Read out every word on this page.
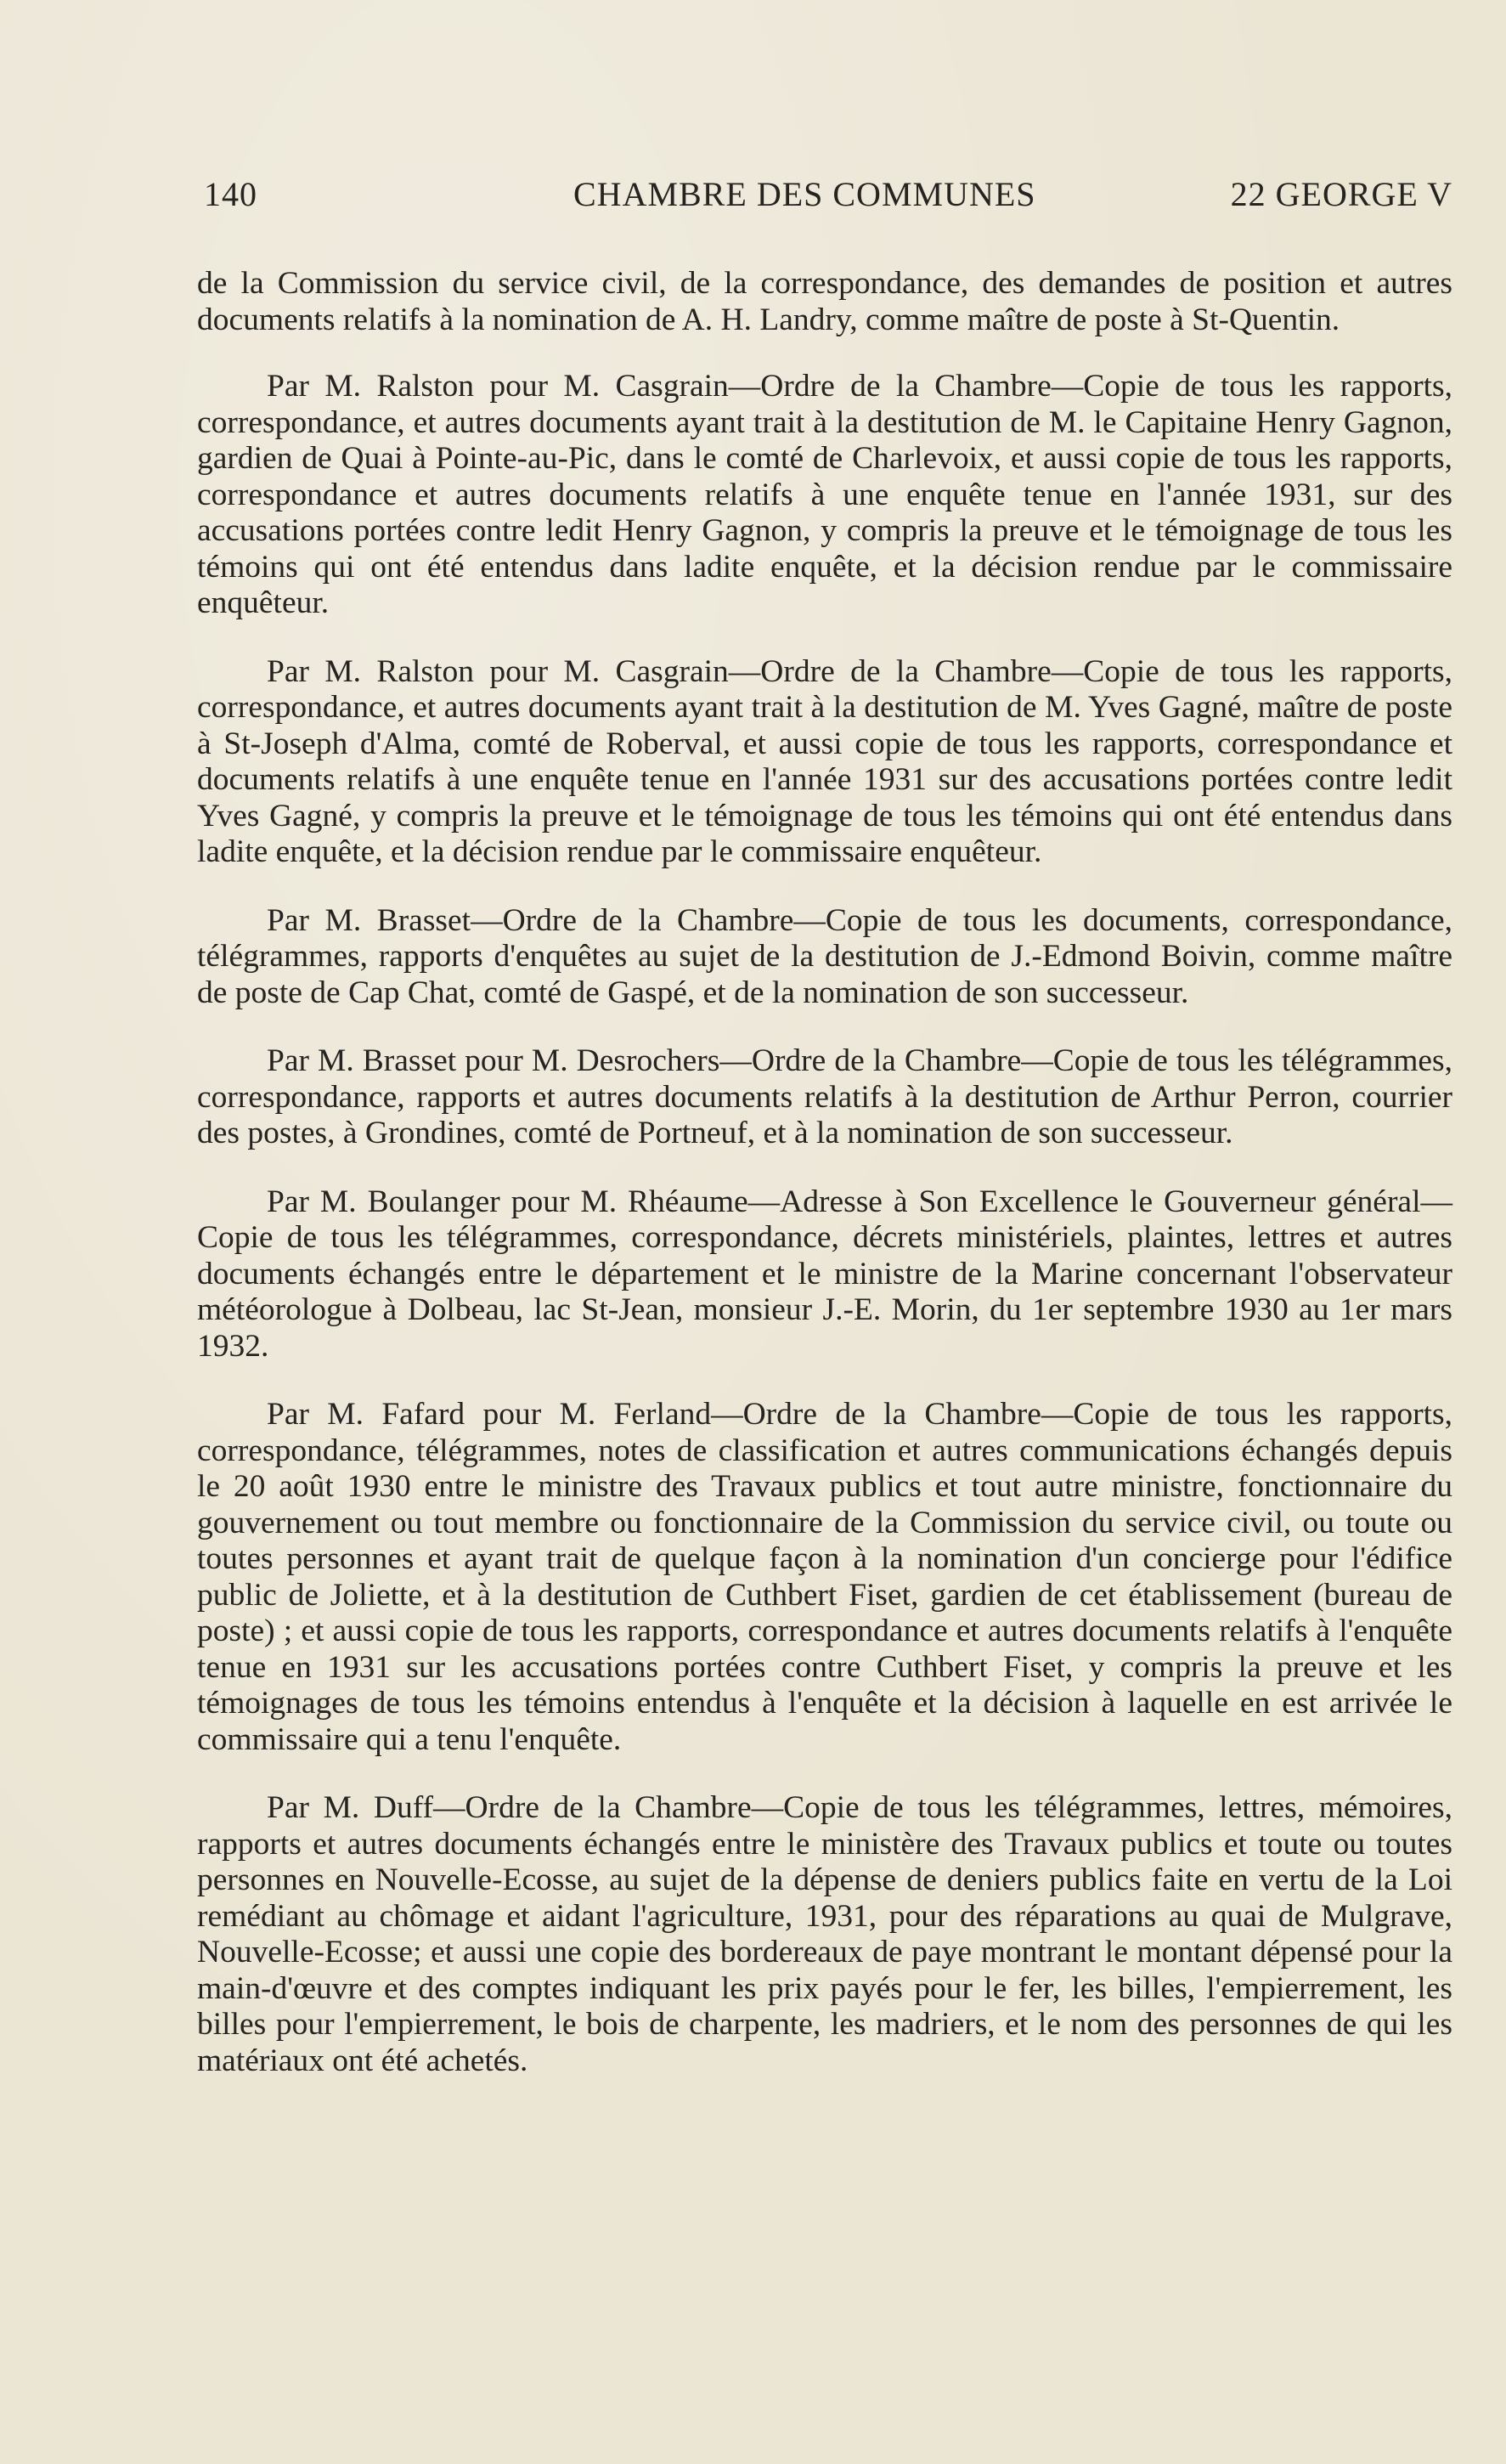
140	CHAMBRE DES COMMUNES	22 GEORGE V

de la Commission du service civil, de la correspondance, des demandes de position et autres documents relatifs à la nomination de A. H. Landry, comme maître de poste à St-Quentin.

Par M. Ralston pour M. Casgrain—Ordre de la Chambre—Copie de tous les rapports, correspondance, et autres documents ayant trait à la destitution de M. le Capitaine Henry Gagnon, gardien de Quai à Pointe-au-Pic, dans le comté de Charlevoix, et aussi copie de tous les rapports, correspondance et autres documents relatifs à une enquête tenue en l'année 1931, sur des accusations portées contre ledit Henry Gagnon, y compris la preuve et le témoignage de tous les témoins qui ont été entendus dans ladite enquête, et la décision rendue par le commissaire enquêteur.

Par M. Ralston pour M. Casgrain—Ordre de la Chambre—Copie de tous les rapports, correspondance, et autres documents ayant trait à la destitution de M. Yves Gagné, maître de poste à St-Joseph d'Alma, comté de Roberval, et aussi copie de tous les rapports, correspondance et documents relatifs à une enquête tenue en l'année 1931 sur des accusations portées contre ledit Yves Gagné, y compris la preuve et le témoignage de tous les témoins qui ont été entendus dans ladite enquête, et la décision rendue par le commissaire enquêteur.

Par M. Brasset—Ordre de la Chambre—Copie de tous les documents, correspondance, télégrammes, rapports d'enquêtes au sujet de la destitution de J.-Edmond Boivin, comme maître de poste de Cap Chat, comté de Gaspé, et de la nomination de son successeur.

Par M. Brasset pour M. Desrochers—Ordre de la Chambre—Copie de tous les télégrammes, correspondance, rapports et autres documents relatifs à la destitution de Arthur Perron, courrier des postes, à Grondines, comté de Portneuf, et à la nomination de son successeur.

Par M. Boulanger pour M. Rhéaume—Adresse à Son Excellence le Gouverneur général—Copie de tous les télégrammes, correspondance, décrets ministériels, plaintes, lettres et autres documents échangés entre le département et le ministre de la Marine concernant l'observateur météorologue à Dolbeau, lac St-Jean, monsieur J.-E. Morin, du 1er septembre 1930 au 1er mars 1932.

Par M. Fafard pour M. Ferland—Ordre de la Chambre—Copie de tous les rapports, correspondance, télégrammes, notes de classification et autres communications échangés depuis le 20 août 1930 entre le ministre des Travaux publics et tout autre ministre, fonctionnaire du gouvernement ou tout membre ou fonctionnaire de la Commission du service civil, ou toute ou toutes personnes et ayant trait de quelque façon à la nomination d'un concierge pour l'édifice public de Joliette, et à la destitution de Cuthbert Fiset, gardien de cet établissement (bureau de poste) ; et aussi copie de tous les rapports, correspondance et autres documents relatifs à l'enquête tenue en 1931 sur les accusations portées contre Cuthbert Fiset, y compris la preuve et les témoignages de tous les témoins entendus à l'enquête et la décision à laquelle en est arrivée le commissaire qui a tenu l'enquête.

Par M. Duff—Ordre de la Chambre—Copie de tous les télégrammes, lettres, mémoires, rapports et autres documents échangés entre le ministère des Travaux publics et toute ou toutes personnes en Nouvelle-Ecosse, au sujet de la dépense de deniers publics faite en vertu de la Loi remédiant au chômage et aidant l'agriculture, 1931, pour des réparations au quai de Mulgrave, Nouvelle-Ecosse; et aussi une copie des bordereaux de paye montrant le montant dépensé pour la main-d'œuvre et des comptes indiquant les prix payés pour le fer, les billes, l'empierrement, les billes pour l'empierrement, le bois de charpente, les madriers, et le nom des personnes de qui les matériaux ont été achetés.
